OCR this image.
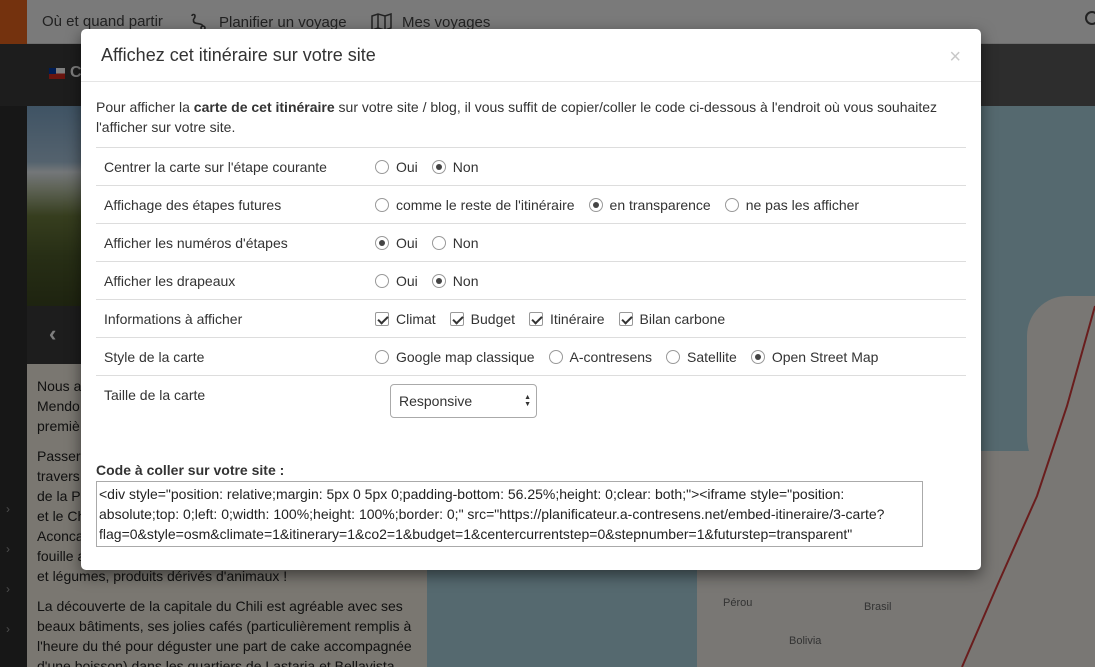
Affichez cet itinéraire sur votre site	×

Pour afficher la carte de cet itinéraire sur votre site / blog, il vous suffit de copier/coller le code ci-dessous à l'endroit où vous souhaitez l'afficher sur votre site.

Centrer la carte sur l'étape courante	Oui	Non
Affichage des étapes futures	comme le reste de l'itinéraire	en transparence	ne pas les afficher
Afficher les numéros d'étapes	Oui	Non
Afficher les drapeaux	Oui	Non
Informations à afficher	Climat	Budget	Itinéraire	Bilan carbone
Style de la carte	Google map classique	A-contresens	Satellite	Open Street Map
Taille de la carte	Responsive	▲
▼
Code à coller sur votre site :
<div style="position: relative;margin: 5px 0 5px 0;padding-bottom: 56.25%;height: 0;clear: both;"><iframe style="position: absolute;top: 0;left: 0;width: 100%;height: 100%;border: 0;" src="https://planificateur.a-contresens.net/embed-itineraire/3-carte?flag=0&style=osm&climate=1&itinerary=1&co2=1&budget=1&centercurrentstep=0&stepnumber=1&futurstep=transparent"
